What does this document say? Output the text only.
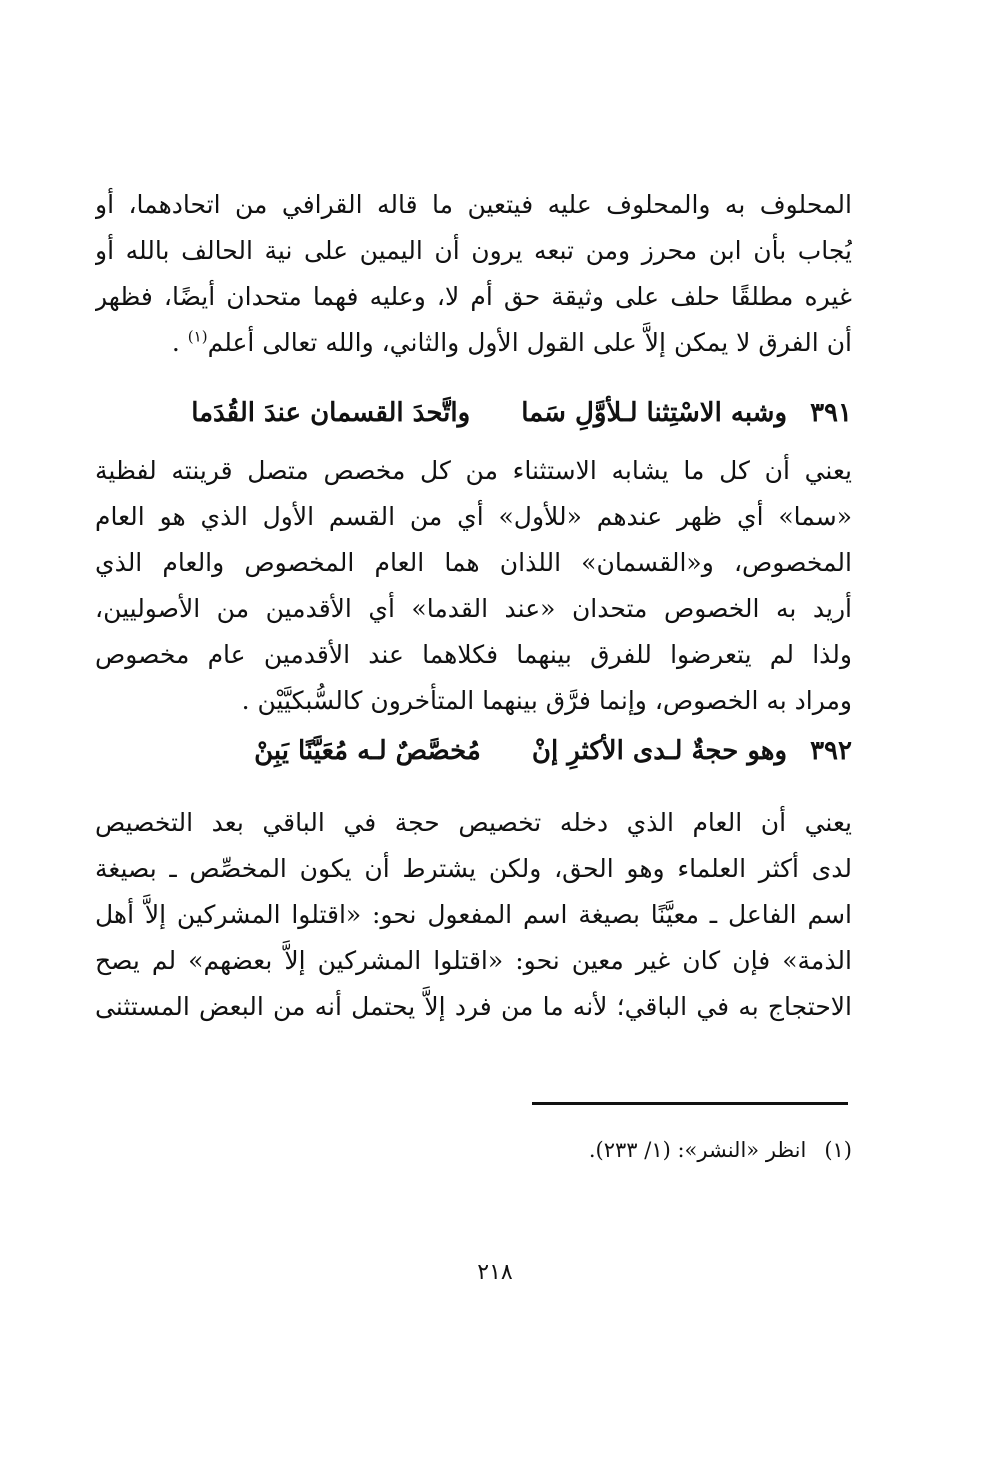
المحلوف به والمحلوف عليه فيتعين ما قاله القرافي من اتحادهما، أو
يُجاب بأن ابن محرز ومن تبعه يرون أن اليمين على نية الحالف بالله أو
غيره مطلقًا حلف على وثيقة حق أم لا، وعليه فهما متحدان أيضًا، فظهر
أن الفرق لا يمكن إلاَّ على القول الأول والثاني، والله تعالى أعلم$^{(١)}$ .
٣٩١ وشبه الاسْتِثنا لـلأوَّلِ سَما واتَّحدَ القسمان عندَ القُدَما
يعني أن كل ما يشابه الاستثناء من كل مخصص متصل قرينته لفظية
«سما» أي ظهر عندهم «للأول» أي من القسم الأول الذي هو العام
المخصوص، و«القسمان» اللذان هما العام المخصوص والعام الذي
أريد به الخصوص متحدان «عند القدما» أي الأقدمين من الأصوليين،
ولذا لم يتعرضوا للفرق بينهما فكلاهما عند الأقدمين عام مخصوص
ومراد به الخصوص، وإنما فرَّق بينهما المتأخرون كالسُّبكيَّيْن .
٣٩٢ وهو حجةٌ لـدى الأكثرِ إنْ مُخصَّصٌ لـه مُعَيَّنًا يَبِنْ
يعني أن العام الذي دخله تخصيص حجة في الباقي بعد التخصيص
لدى أكثر العلماء وهو الحق، ولكن يشترط أن يكون المخصِّص ـ بصيغة
اسم الفاعل ـ معيَّنًا بصيغة اسم المفعول نحو: «اقتلوا المشركين إلاَّ أهل
الذمة» فإن كان غير معين نحو: «اقتلوا المشركين إلاَّ بعضهم» لم يصح
الاحتجاج به في الباقي؛ لأنه ما من فرد إلاَّ يحتمل أنه من البعض المستثنى
(١)انظر «النشر»: (١/ ٢٣٣).
٢١٨
